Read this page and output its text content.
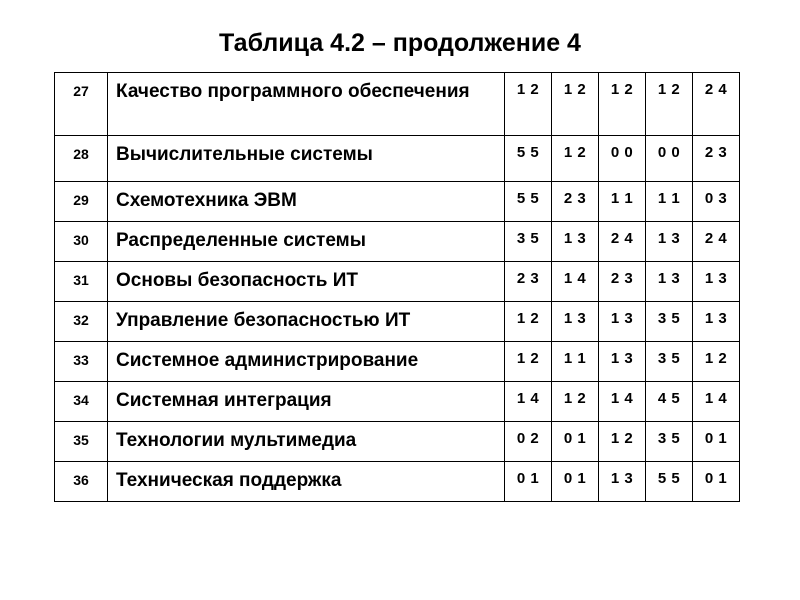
Таблица 4.2 – продолжение 4
27	Качество программного обеспечения	1 2	1 2	1 2	1 2	2 4
28	Вычислительные системы	5 5	1 2	0 0	0 0	2 3
29	Схемотехника ЭВМ	5 5	2 3	1 1	1 1	0 3
30	Распределенные системы	3 5	1 3	2 4	1 3	2 4
31	Основы безопасность ИТ	2 3	1 4	2 3	1 3	1 3
32	Управление безопасностью ИТ	1 2	1 3	1 3	3 5	1 3
33	Системное администрирование	1 2	1 1	1 3	3 5	1 2
34	Системная интеграция	1 4	1 2	1 4	4 5	1 4
35	Технологии мультимедиа	0 2	0 1	1 2	3 5	0 1
36	Техническая поддержка	0 1	0 1	1 3	5 5	0 1
